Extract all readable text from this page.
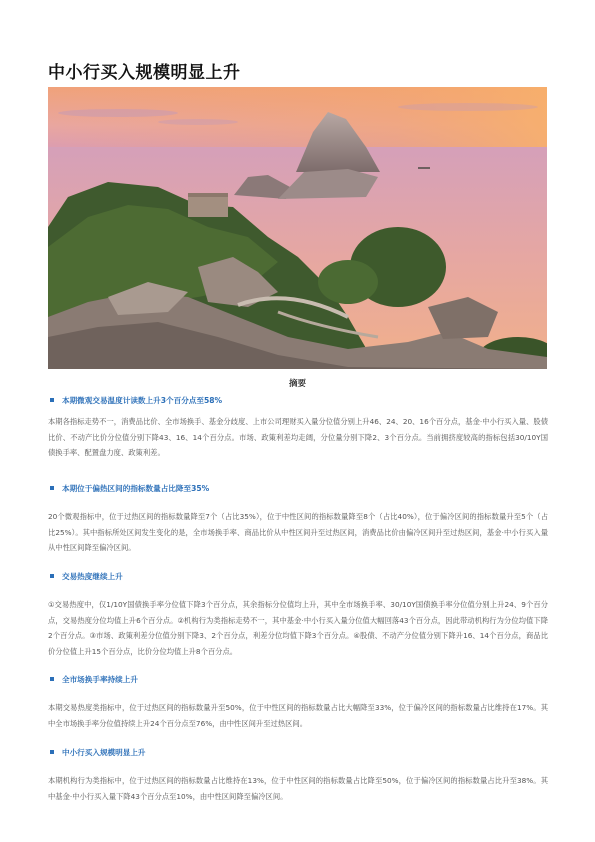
中小行买入规模明显上升
摘要
本期微观交易温度计读数上升3个百分点至58%
本期各指标走势不一，消费品比价、全市场换手、基金分歧度、上市公司理财买入量分位值分别上升46、24、20、16个百分点，基金·中小行买入量、股债比价、不动产比价分位值分别下降43、16、14个百分点。市场、政策利差均走阔，分位量分别下降2、3个百分点。当前拥挤度较高的指标包括30/10Y国债换手率、配置盘力度、政策利差。
本期位于偏热区间的指标数量占比降至35%
20个微观指标中，位于过热区间的指标数量降至7个（占比35%），位于中性区间的指标数量降至8个（占比40%），位于偏冷区间的指标数量升至5个（占比25%）。其中指标所处区间发生变化的是，全市场换手率、商品比价从中性区间升至过热区间，消费品比价由偏冷区间升至过热区间，基金·中小行买入量从中性区间降至偏冷区间。
交易热度继续上升
①交易热度中，仅1/10Y国债换手率分位值下降3个百分点，其余指标分位值均上升，其中全市场换手率、30/10Y国债换手率分位值分别上升24、9个百分点，交易热度分位均值上升6个百分点。②机构行为类指标走势不一，其中基金·中小行买入量分位值大幅回落43个百分点，因此带动机构行为分位均值下降2个百分点。③市场、政策利差分位值分别下降3、2个百分点，利差分位均值下降3个百分点。④股债、不动产分位值分别下降升16、14个百分点，商品比价分位值上升15个百分点，比价分位均值上升8个百分点。
全市场换手率持续上升
本期交易热度类指标中，位于过热区间的指标数量升至50%，位于中性区间的指标数量占比大幅降至33%，位于偏冷区间的指标数量占比维持在17%。其中全市场换手率分位值持续上升24个百分点至76%，由中性区间升至过热区间。
中小行买入规模明显上升
本期机构行为类指标中，位于过热区间的指标数量占比维持在13%，位于中性区间的指标数量占比降至50%，位于偏冷区间的指标数量占比升至38%。其中基金·中小行买入量下降43个百分点至10%，由中性区间降至偏冷区间。
